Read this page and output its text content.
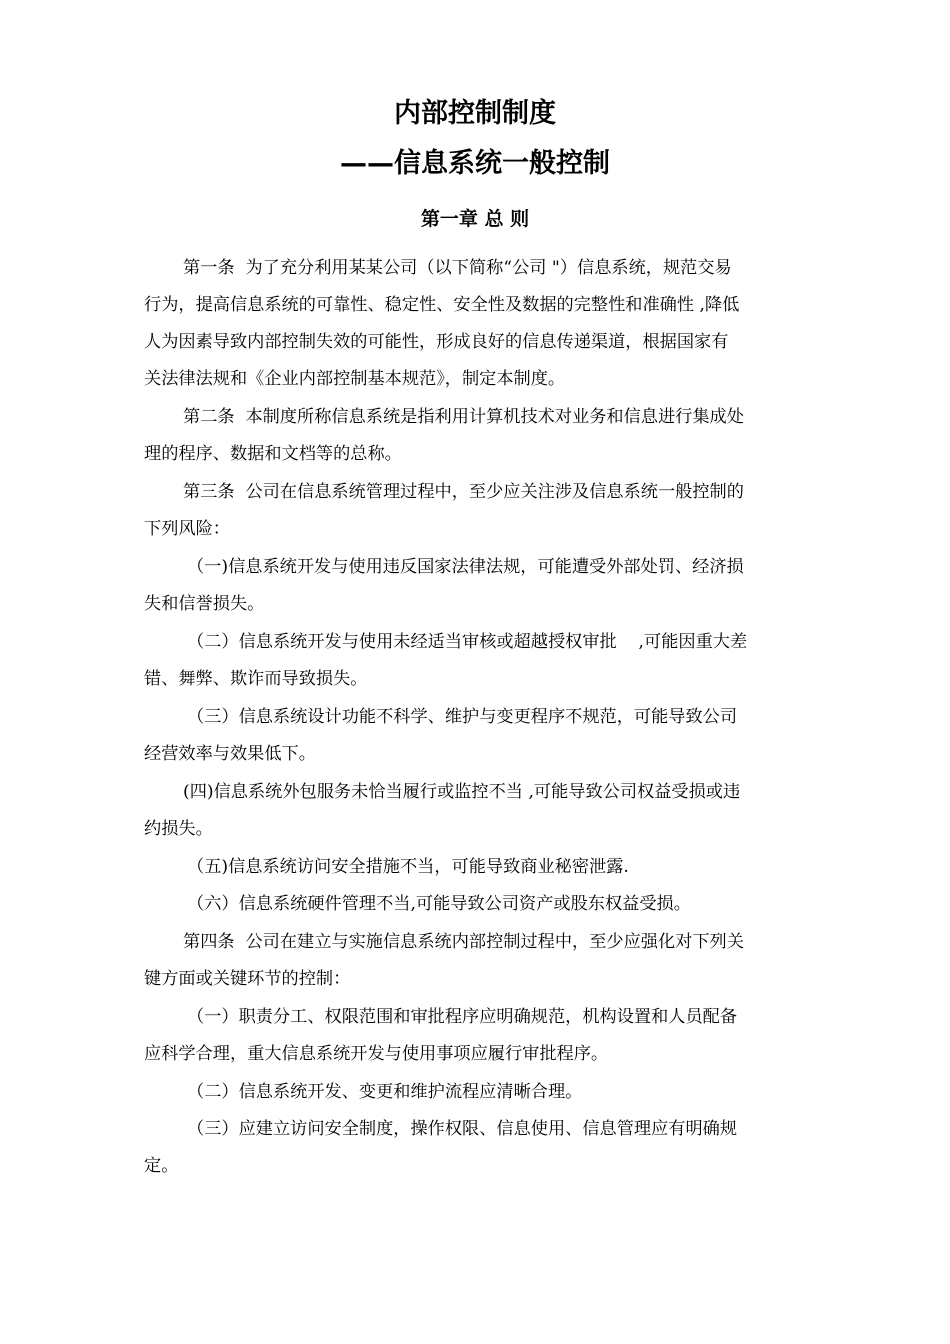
内部控制制度
——信息系统一般控制
第一章 总 则

第一条  为了充分利用某某公司（以下简称“公司 "）信息系统，规范交易

行为，提高信息系统的可靠性、稳定性、安全性及数据的完整性和准确性 ,降低

人为因素导致内部控制失效的可能性，形成良好的信息传递渠道，根据国家有

关法律法规和《企业内部控制基本规范》，制定本制度。

第二条  本制度所称信息系统是指利用计算机技术对业务和信息进行集成处

理的程序、数据和文档等的总称。

第三条  公司在信息系统管理过程中，至少应关注涉及信息系统一般控制的

下列风险：

（一)信息系统开发与使用违反国家法律法规，可能遭受外部处罚、经济损

失和信誉损失。

（二）信息系统开发与使用未经适当审核或超越授权审批    ,可能因重大差

错、舞弊、欺诈而导致损失。

（三）信息系统设计功能不科学、维护与变更程序不规范，可能导致公司

经营效率与效果低下。

(四)信息系统外包服务未恰当履行或监控不当 ,可能导致公司权益受损或违

约损失。

（五)信息系统访问安全措施不当，可能导致商业秘密泄露.

（六）信息系统硬件管理不当,可能导致公司资产或股东权益受损。

第四条  公司在建立与实施信息系统内部控制过程中，至少应强化对下列关

键方面或关键环节的控制：

（一）职责分工、权限范围和审批程序应明确规范，机构设置和人员配备

应科学合理，重大信息系统开发与使用事项应履行审批程序。

（二）信息系统开发、变更和维护流程应清晰合理。

（三）应建立访问安全制度，操作权限、信息使用、信息管理应有明确规

定。
